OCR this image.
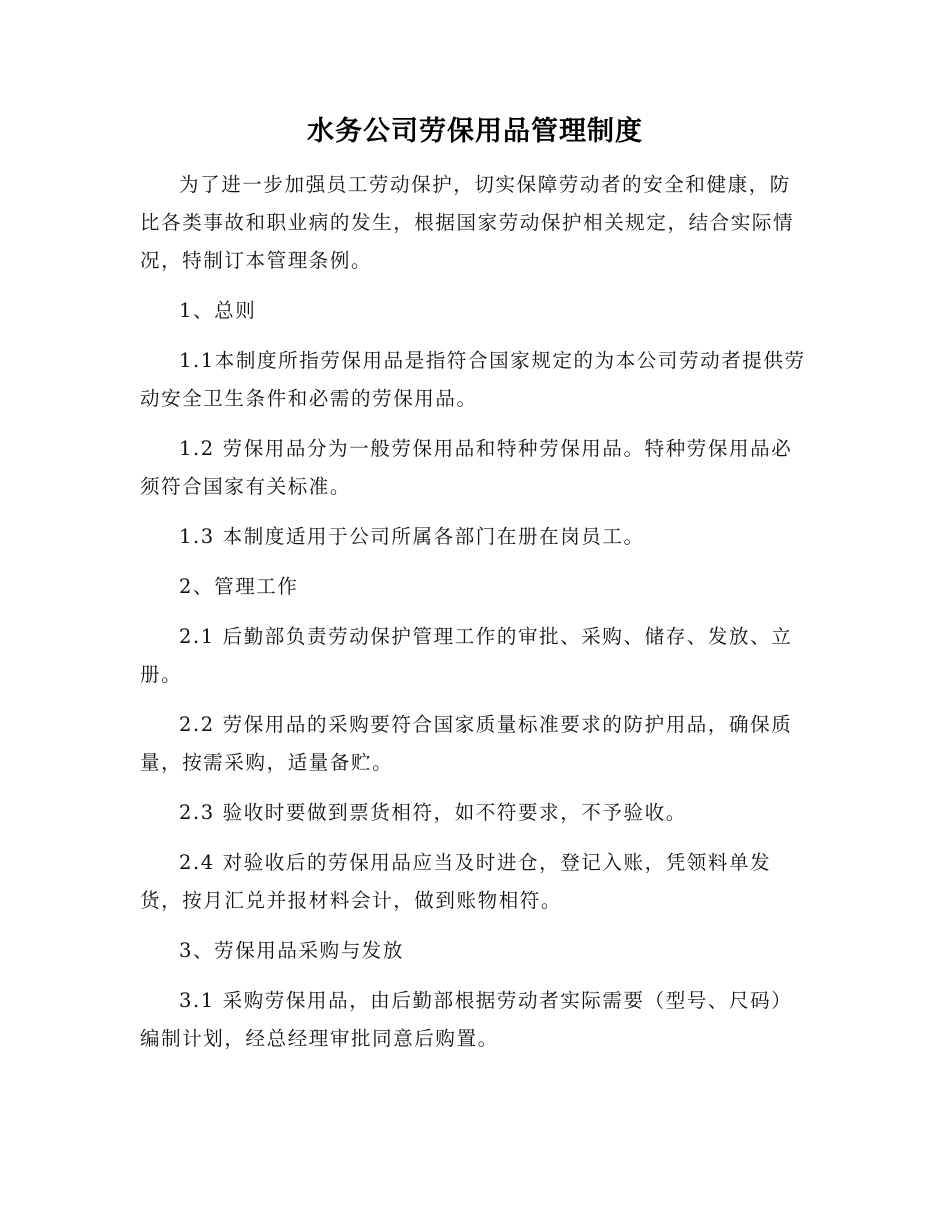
水务公司劳保用品管理制度

为了进一步加强员工劳动保护，切实保障劳动者的安全和健康，防比各类事故和职业病的发生，根据国家劳动保护相关规定，结合实际情况，特制订本管理条例。

1、总则

1.1本制度所指劳保用品是指符合国家规定的为本公司劳动者提供劳动安全卫生条件和必需的劳保用品。

1.2 劳保用品分为一般劳保用品和特种劳保用品。特种劳保用品必须符合国家有关标准。

1.3 本制度适用于公司所属各部门在册在岗员工。

2、管理工作

2.1 后勤部负责劳动保护管理工作的审批、采购、储存、发放、立册。

2.2 劳保用品的采购要符合国家质量标准要求的防护用品，确保质量，按需采购，适量备贮。

2.3 验收时要做到票货相符，如不符要求，不予验收。

2.4 对验收后的劳保用品应当及时进仓，登记入账，凭领料单发货，按月汇兑并报材料会计，做到账物相符。

3、劳保用品采购与发放

3.1 采购劳保用品，由后勤部根据劳动者实际需要（型号、尺码）编制计划，经总经理审批同意后购置。
